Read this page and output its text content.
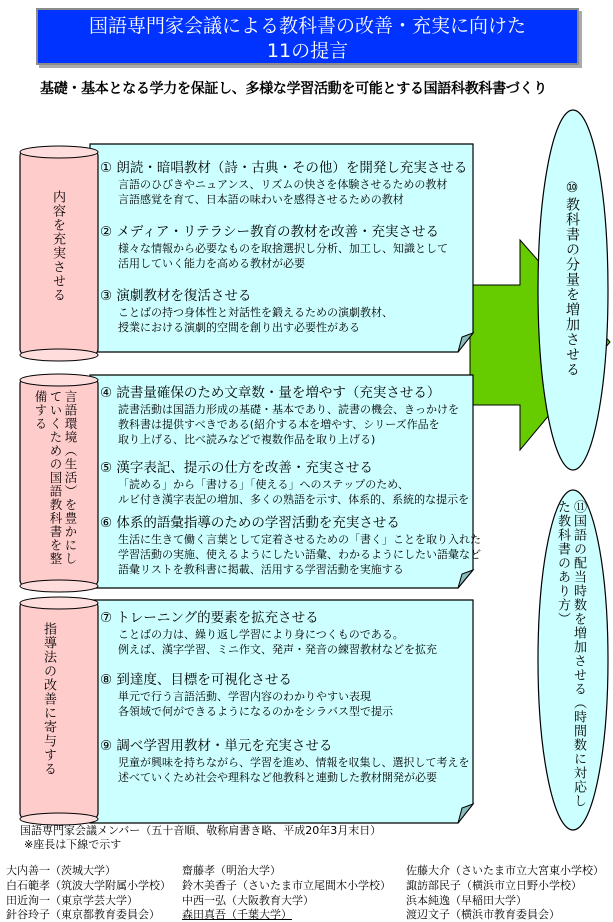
国語専門家会議による教科書の改善・充実に向けた
11の提言
基礎・基本となる学力を保証し、多様な学習活動を可能とする国語科教科書づくり
内容を充実させる
言語環境（生活）を豊かにしていくための国語教科書を整備する
指導法の改善に寄与する
① 朗読・暗唱教材（詩・古典・その他）を開発し充実させる
言語のひびきやニュアンス、リズムの快さを体験させるための教材
言語感覚を育て、日本語の味わいを感得させるための教材
② メディア・リテラシー教育の教材を改善・充実させる
様々な情報から必要なものを取捨選択し分析、加工し、知識として
活用していく能力を高める教材が必要
③ 演劇教材を復活させる
ことばの持つ身体性と対話性を鍛えるための演劇教材、
授業における演劇的空間を創り出す必要性がある
④ 読書量確保のため文章数・量を増やす（充実させる）
読書活動は国語力形成の基礎・基本であり、読書の機会、きっかけを
教科書は提供すべきである(紹介する本を増やす、シリーズ作品を
取り上げる、比べ読みなどで複数作品を取り上げる)
⑤ 漢字表記、提示の仕方を改善・充実させる
「読める」から「書ける」「使える」へのステップのため、
ルビ付き漢字表記の増加、多くの熟語を示す、体系的、系統的な提示を
⑥ 体系的語彙指導のための学習活動を充実させる
生活に生きて働く言葉として定着させるための「書く」ことを取り入れた
学習活動の実施、使えるようにしたい語彙、わかるようにしたい語彙など
語彙リストを教科書に掲載、活用する学習活動を実施する
⑦ トレーニング的要素を拡充させる
ことばの力は、繰り返し学習により身につくものである。
例えば、漢字学習、ミニ作文、発声・発音の練習教材などを拡充
⑧ 到達度、目標を可視化させる
単元で行う言語活動、学習内容のわかりやすい表現
各領域で何ができるようになるのかをシラバス型で提示
⑨ 調べ学習用教材・単元を充実させる
児童が興味を持ちながら、学習を進め、情報を収集し、選択して考えを
述べていくため社会や理科など他教科と連動した教材開発が必要
⑩教科書の分量を増加させる
⑪国語の配当時数を増加させる（時間数に対応した教科書のあり方）
国語専門家会議メンバー（五十音順、敬称肩書き略、平成20年3月末日）
※座長は下線で示す
大内善一（茨城大学）
白石範孝（筑波大学附属小学校）
田近洵一（東京学芸大学）
針谷玲子（東京都教育委員会）
齋藤孝（明治大学）
鈴木美香子（さいたま市立尾間木小学校）
中西一弘（大阪教育大学）
森田真吾（千葉大学）
佐藤大介（さいたま市立大宮東小学校）
諏訪部民子（横浜市立日野小学校）
浜本純逸（早稲田大学）
渡辺文子（横浜市教育委員会）
